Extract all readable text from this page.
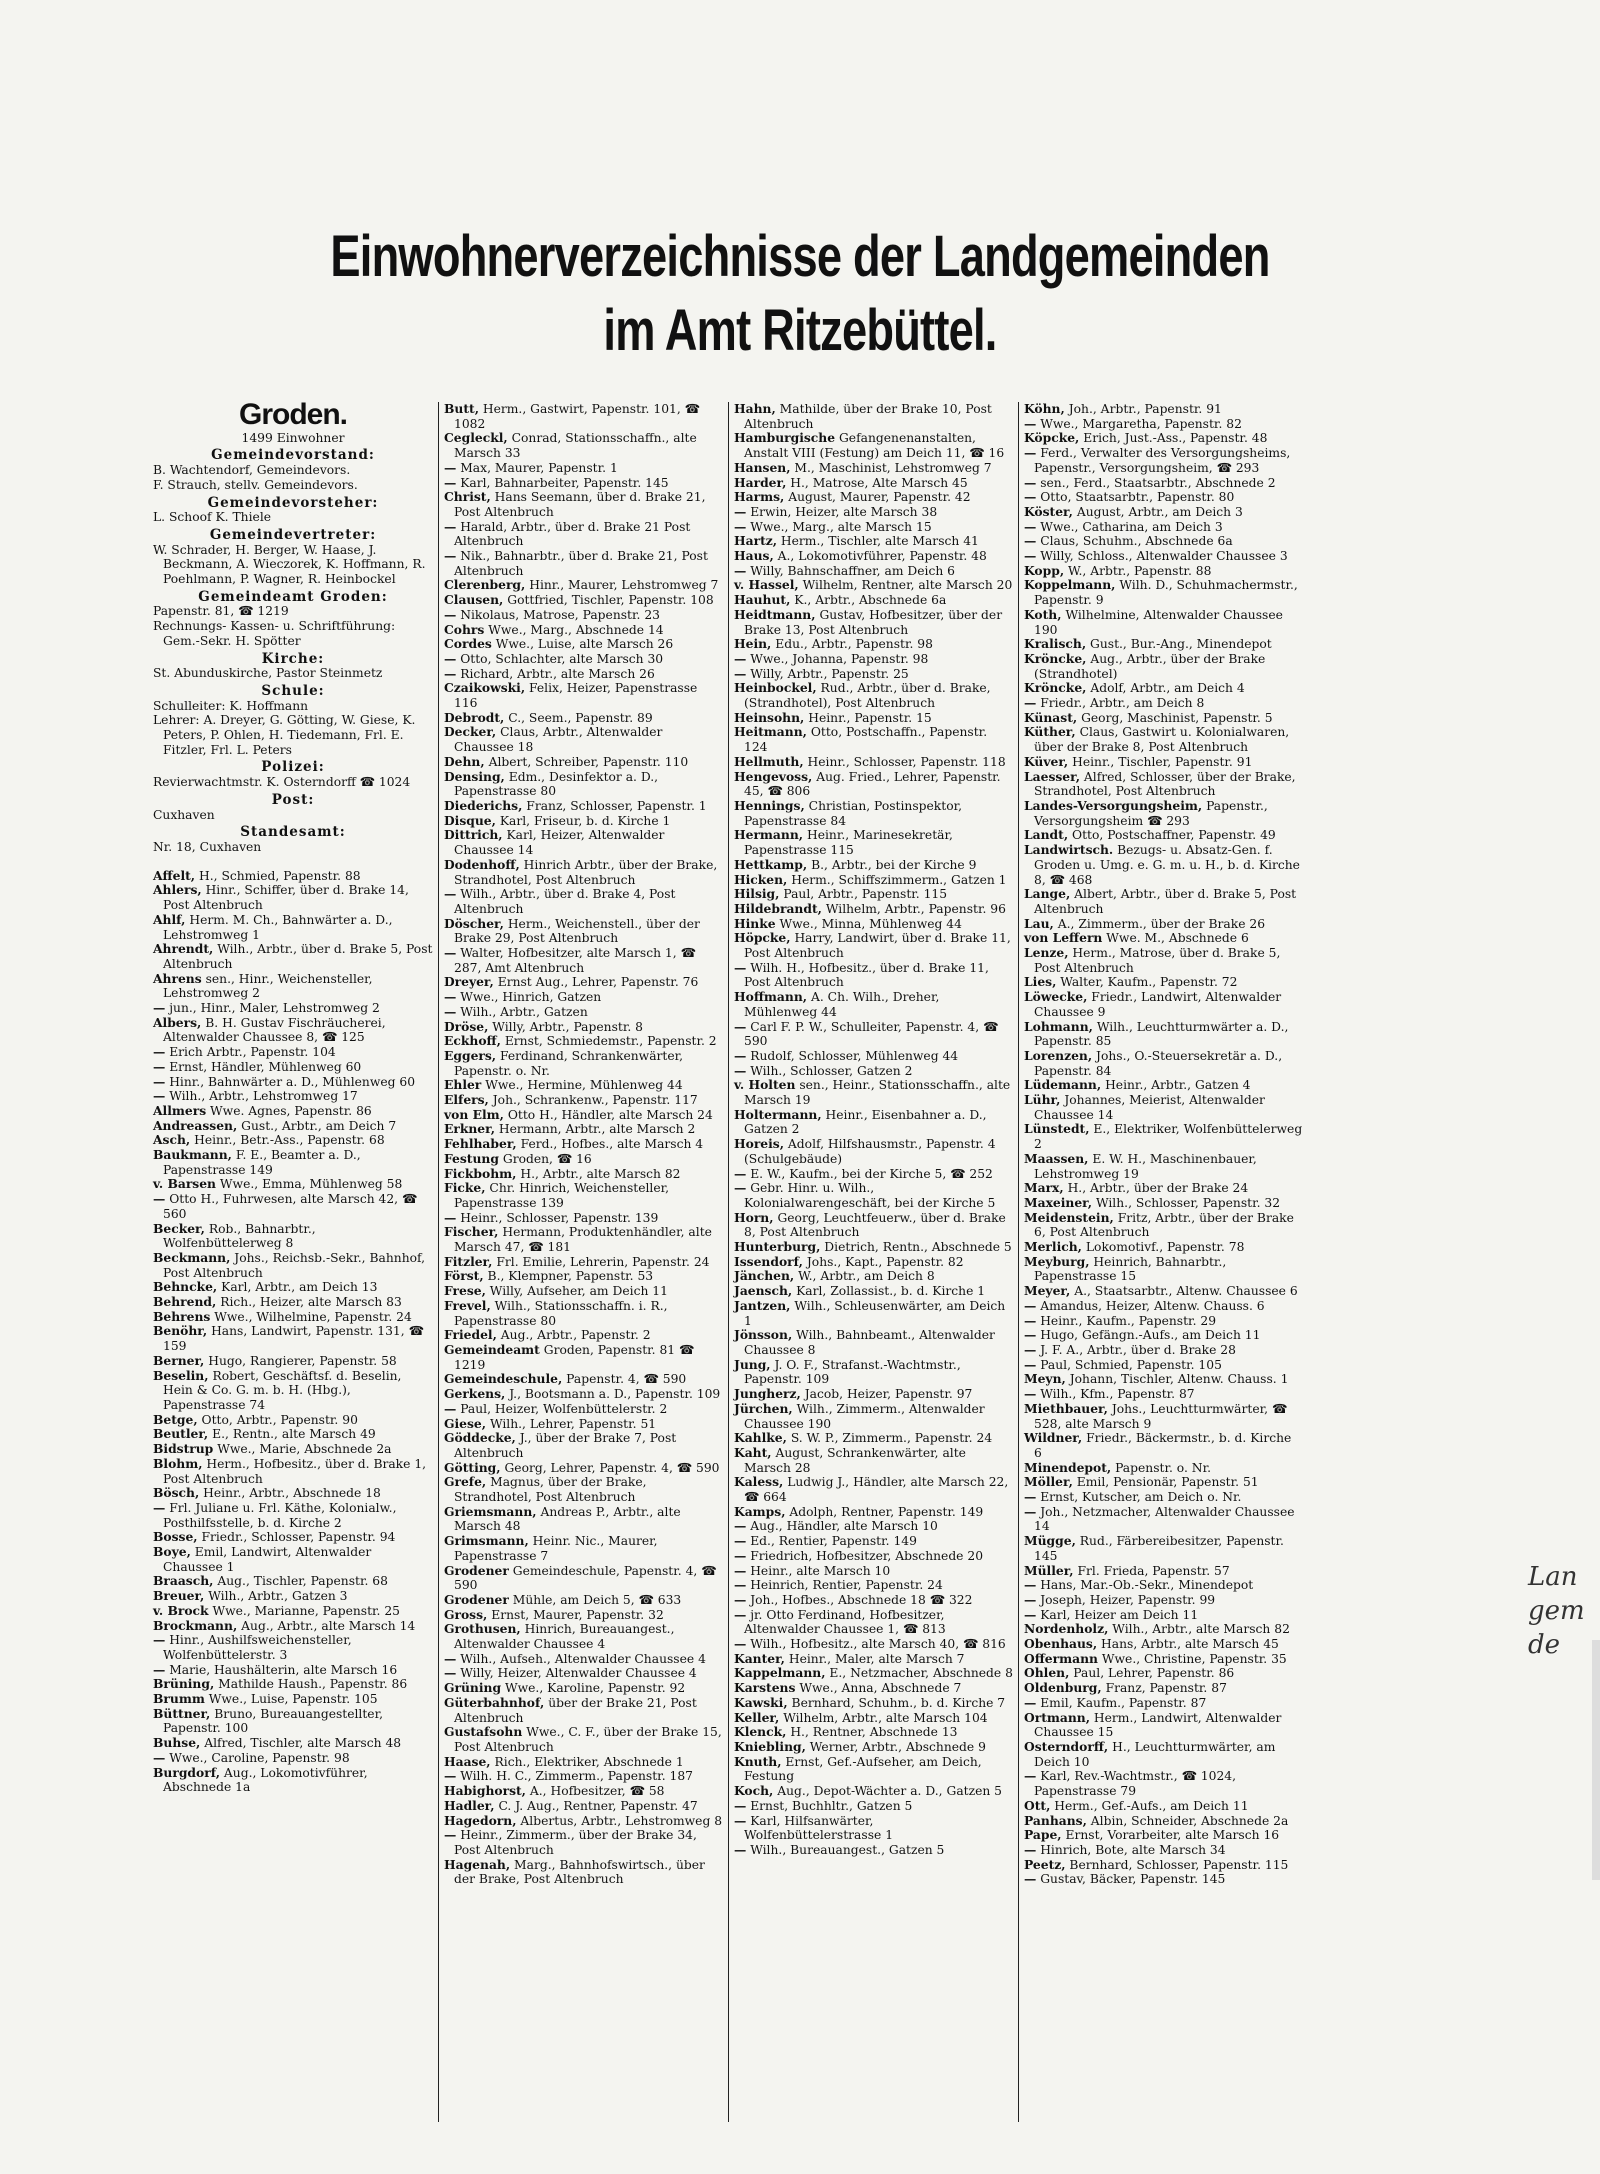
Einwohnerverzeichnisse der Landgemeinden
im Amt Ritzebüttel.
Groden.
1499 Einwohner
Gemeindevorstand:

B. Wachtendorf, Gemeindevors.

F. Strauch, stellv. Gemeindevors.

Gemeindevorsteher:

L. Schoof K. Thiele

Gemeindevertreter:

W. Schrader, H. Berger, W. Haase, J. Beckmann, A. Wieczorek, K. Hoffmann, R. Poehlmann, P. Wagner, R. Heinbockel

Gemeindeamt Groden:

Papenstr. 81, ☎ 1219

Rechnungs- Kassen- u. Schriftführung: Gem.-Sekr. H. Spötter

Kirche:

St. Abunduskirche, Pastor Steinmetz

Schule:

Schulleiter: K. Hoffmann

Lehrer: A. Dreyer, G. Götting, W. Giese, K. Peters, P. Ohlen, H. Tiedemann, Frl. E. Fitzler, Frl. L. Peters

Polizei:

Revierwachtmstr. K. Osterndorff ☎ 1024

Post:

Cuxhaven

Standesamt:

Nr. 18, Cuxhaven

Affelt, H., Schmied, Papenstr. 88

Ahlers, Hinr., Schiffer, über d. Brake 14, Post Altenbruch

Ahlf, Herm. M. Ch., Bahnwärter a. D., Lehstromweg 1

Ahrendt, Wilh., Arbtr., über d. Brake 5, Post Altenbruch

Ahrens sen., Hinr., Weichensteller, Lehstromweg 2

— jun., Hinr., Maler, Lehstromweg 2

Albers, B. H. Gustav Fischräucherei, Altenwalder Chaussee 8, ☎ 125

— Erich Arbtr., Papenstr. 104

— Ernst, Händler, Mühlenweg 60

— Hinr., Bahnwärter a. D., Mühlenweg 60

— Wilh., Arbtr., Lehstromweg 17

Allmers Wwe. Agnes, Papenstr. 86

Andreassen, Gust., Arbtr., am Deich 7

Asch, Heinr., Betr.-Ass., Papenstr. 68

Baukmann, F. E., Beamter a. D., Papenstrasse 149

v. Barsen Wwe., Emma, Mühlenweg 58

— Otto H., Fuhrwesen, alte Marsch 42, ☎ 560

Becker, Rob., Bahnarbtr., Wolfenbüttelerweg 8

Beckmann, Johs., Reichsb.-Sekr., Bahnhof, Post Altenbruch

Behncke, Karl, Arbtr., am Deich 13

Behrend, Rich., Heizer, alte Marsch 83

Behrens Wwe., Wilhelmine, Papenstr. 24

Benöhr, Hans, Landwirt, Papenstr. 131, ☎ 159

Berner, Hugo, Rangierer, Papenstr. 58

Beselin, Robert, Geschäftsf. d. Beselin, Hein & Co. G. m. b. H. (Hbg.), Papenstrasse 74

Betge, Otto, Arbtr., Papenstr. 90

Beutler, E., Rentn., alte Marsch 49

Bidstrup Wwe., Marie, Abschnede 2a

Blohm, Herm., Hofbesitz., über d. Brake 1, Post Altenbruch

Bösch, Heinr., Arbtr., Abschnede 18

— Frl. Juliane u. Frl. Käthe, Kolonialw., Posthilfsstelle, b. d. Kirche 2

Bosse, Friedr., Schlosser, Papenstr. 94

Boye, Emil, Landwirt, Altenwalder Chaussee 1

Braasch, Aug., Tischler, Papenstr. 68

Breuer, Wilh., Arbtr., Gatzen 3

v. Brock Wwe., Marianne, Papenstr. 25

Brockmann, Aug., Arbtr., alte Marsch 14

— Hinr., Aushilfsweichensteller, Wolfenbüttelerstr. 3

— Marie, Haushälterin, alte Marsch 16

Brüning, Mathilde Haush., Papenstr. 86

Brumm Wwe., Luise, Papenstr. 105

Büttner, Bruno, Bureauangestellter, Papenstr. 100

Buhse, Alfred, Tischler, alte Marsch 48

— Wwe., Caroline, Papenstr. 98

Burgdorf, Aug., Lokomotivführer, Abschnede 1a

Butt, Herm., Gastwirt, Papenstr. 101, ☎ 1082

Cegleckl, Conrad, Stationsschaffn., alte Marsch 33

— Max, Maurer, Papenstr. 1

— Karl, Bahnarbeiter, Papenstr. 145

Christ, Hans Seemann, über d. Brake 21, Post Altenbruch

— Harald, Arbtr., über d. Brake 21 Post Altenbruch

— Nik., Bahnarbtr., über d. Brake 21, Post Altenbruch

Clerenberg, Hinr., Maurer, Lehstromweg 7

Clausen, Gottfried, Tischler, Papenstr. 108

— Nikolaus, Matrose, Papenstr. 23

Cohrs Wwe., Marg., Abschnede 14

Cordes Wwe., Luise, alte Marsch 26

— Otto, Schlachter, alte Marsch 30

— Richard, Arbtr., alte Marsch 26

Czaikowski, Felix, Heizer, Papenstrasse 116

Debrodt, C., Seem., Papenstr. 89

Decker, Claus, Arbtr., Altenwalder Chaussee 18

Dehn, Albert, Schreiber, Papenstr. 110

Densing, Edm., Desinfektor a. D., Papenstrasse 80

Diederichs, Franz, Schlosser, Papenstr. 1

Disque, Karl, Friseur, b. d. Kirche 1

Dittrich, Karl, Heizer, Altenwalder Chaussee 14

Dodenhoff, Hinrich Arbtr., über der Brake, Strandhotel, Post Altenbruch

— Wilh., Arbtr., über d. Brake 4, Post Altenbruch

Döscher, Herm., Weichenstell., über der Brake 29, Post Altenbruch

— Walter, Hofbesitzer, alte Marsch 1, ☎ 287, Amt Altenbruch

Dreyer, Ernst Aug., Lehrer, Papenstr. 76

— Wwe., Hinrich, Gatzen

— Wilh., Arbtr., Gatzen

Dröse, Willy, Arbtr., Papenstr. 8

Eckhoff, Ernst, Schmiedemstr., Papenstr. 2

Eggers, Ferdinand, Schrankenwärter, Papenstr. o. Nr.

Ehler Wwe., Hermine, Mühlenweg 44

Elfers, Joh., Schrankenw., Papenstr. 117

von Elm, Otto H., Händler, alte Marsch 24

Erkner, Hermann, Arbtr., alte Marsch 2

Fehlhaber, Ferd., Hofbes., alte Marsch 4

Festung Groden, ☎ 16

Fickbohm, H., Arbtr., alte Marsch 82

Ficke, Chr. Hinrich, Weichensteller, Papenstrasse 139

— Heinr., Schlosser, Papenstr. 139

Fischer, Hermann, Produktenhändler, alte Marsch 47, ☎ 181

Fitzler, Frl. Emilie, Lehrerin, Papenstr. 24

Först, B., Klempner, Papenstr. 53

Frese, Willy, Aufseher, am Deich 11

Frevel, Wilh., Stationsschaffn. i. R., Papenstrasse 80

Friedel, Aug., Arbtr., Papenstr. 2

Gemeindeamt Groden, Papenstr. 81 ☎ 1219

Gemeindeschule, Papenstr. 4, ☎ 590

Gerkens, J., Bootsmann a. D., Papenstr. 109

— Paul, Heizer, Wolfenbüttelerstr. 2

Giese, Wilh., Lehrer, Papenstr. 51

Göddecke, J., über der Brake 7, Post Altenbruch

Götting, Georg, Lehrer, Papenstr. 4, ☎ 590

Grefe, Magnus, über der Brake, Strandhotel, Post Altenbruch

Griemsmann, Andreas P., Arbtr., alte Marsch 48

Grimsmann, Heinr. Nic., Maurer, Papenstrasse 7

Grodener Gemeindeschule, Papenstr. 4, ☎ 590

Grodener Mühle, am Deich 5, ☎ 633

Gross, Ernst, Maurer, Papenstr. 32

Grothusen, Hinrich, Bureauangest., Altenwalder Chaussee 4

— Wilh., Aufseh., Altenwalder Chaussee 4

— Willy, Heizer, Altenwalder Chaussee 4

Grüning Wwe., Karoline, Papenstr. 92

Güterbahnhof, über der Brake 21, Post Altenbruch

Gustafsohn Wwe., C. F., über der Brake 15, Post Altenbruch

Haase, Rich., Elektriker, Abschnede 1

— Wilh. H. C., Zimmerm., Papenstr. 187

Habighorst, A., Hofbesitzer, ☎ 58

Hadler, C. J. Aug., Rentner, Papenstr. 47

Hagedorn, Albertus, Arbtr., Lehstromweg 8

— Heinr., Zimmerm., über der Brake 34, Post Altenbruch

Hagenah, Marg., Bahnhofswirtsch., über der Brake, Post Altenbruch

Hahn, Mathilde, über der Brake 10, Post Altenbruch

Hamburgische Gefangenenanstalten, Anstalt VIII (Festung) am Deich 11, ☎ 16

Hansen, M., Maschinist, Lehstromweg 7

Harder, H., Matrose, Alte Marsch 45

Harms, August, Maurer, Papenstr. 42

— Erwin, Heizer, alte Marsch 38

— Wwe., Marg., alte Marsch 15

Hartz, Herm., Tischler, alte Marsch 41

Haus, A., Lokomotivführer, Papenstr. 48

— Willy, Bahnschaffner, am Deich 6

v. Hassel, Wilhelm, Rentner, alte Marsch 20

Hauhut, K., Arbtr., Abschnede 6a

Heidtmann, Gustav, Hofbesitzer, über der Brake 13, Post Altenbruch

Hein, Edu., Arbtr., Papenstr. 98

— Wwe., Johanna, Papenstr. 98

— Willy, Arbtr., Papenstr. 25

Heinbockel, Rud., Arbtr., über d. Brake, (Strandhotel), Post Altenbruch

Heinsohn, Heinr., Papenstr. 15

Heitmann, Otto, Postschaffn., Papenstr. 124

Hellmuth, Heinr., Schlosser, Papenstr. 118

Hengevoss, Aug. Fried., Lehrer, Papenstr. 45, ☎ 806

Hennings, Christian, Postinspektor, Papenstrasse 84

Hermann, Heinr., Marinesekretär, Papenstrasse 115

Hettkamp, B., Arbtr., bei der Kirche 9

Hicken, Herm., Schiffszimmerm., Gatzen 1

Hilsig, Paul, Arbtr., Papenstr. 115

Hildebrandt, Wilhelm, Arbtr., Papenstr. 96

Hinke Wwe., Minna, Mühlenweg 44

Höpcke, Harry, Landwirt, über d. Brake 11, Post Altenbruch

— Wilh. H., Hofbesitz., über d. Brake 11, Post Altenbruch

Hoffmann, A. Ch. Wilh., Dreher, Mühlenweg 44

— Carl F. P. W., Schulleiter, Papenstr. 4, ☎ 590

— Rudolf, Schlosser, Mühlenweg 44

— Wilh., Schlosser, Gatzen 2

v. Holten sen., Heinr., Stationsschaffn., alte Marsch 19

Holtermann, Heinr., Eisenbahner a. D., Gatzen 2

Horeis, Adolf, Hilfshausmstr., Papenstr. 4 (Schulgebäude)

— E. W., Kaufm., bei der Kirche 5, ☎ 252

— Gebr. Hinr. u. Wilh., Kolonialwarengeschäft, bei der Kirche 5

Horn, Georg, Leuchtfeuerw., über d. Brake 8, Post Altenbruch

Hunterburg, Dietrich, Rentn., Abschnede 5

Issendorf, Johs., Kapt., Papenstr. 82

Jänchen, W., Arbtr., am Deich 8

Jaensch, Karl, Zollassist., b. d. Kirche 1

Jantzen, Wilh., Schleusenwärter, am Deich 1

Jönsson, Wilh., Bahnbeamt., Altenwalder Chaussee 8

Jung, J. O. F., Strafanst.-Wachtmstr., Papenstr. 109

Jungherz, Jacob, Heizer, Papenstr. 97

Jürchen, Wilh., Zimmerm., Altenwalder Chaussee 190

Kahlke, S. W. P., Zimmerm., Papenstr. 24

Kaht, August, Schrankenwärter, alte Marsch 28

Kaless, Ludwig J., Händler, alte Marsch 22, ☎ 664

Kamps, Adolph, Rentner, Papenstr. 149

— Aug., Händler, alte Marsch 10

— Ed., Rentier, Papenstr. 149

— Friedrich, Hofbesitzer, Abschnede 20

— Heinr., alte Marsch 10

— Heinrich, Rentier, Papenstr. 24

— Joh., Hofbes., Abschnede 18 ☎ 322

— jr. Otto Ferdinand, Hofbesitzer, Altenwalder Chaussee 1, ☎ 813

— Wilh., Hofbesitz., alte Marsch 40, ☎ 816

Kanter, Heinr., Maler, alte Marsch 7

Kappelmann, E., Netzmacher, Abschnede 8

Karstens Wwe., Anna, Abschnede 7

Kawski, Bernhard, Schuhm., b. d. Kirche 7

Keller, Wilhelm, Arbtr., alte Marsch 104

Klenck, H., Rentner, Abschnede 13

Kniebling, Werner, Arbtr., Abschnede 9

Knuth, Ernst, Gef.-Aufseher, am Deich, Festung

Koch, Aug., Depot-Wächter a. D., Gatzen 5

— Ernst, Buchhltr., Gatzen 5

— Karl, Hilfsanwärter, Wolfenbüttelerstrasse 1

— Wilh., Bureauangest., Gatzen 5

Köhn, Joh., Arbtr., Papenstr. 91

— Wwe., Margaretha, Papenstr. 82

Köpcke, Erich, Just.-Ass., Papenstr. 48

— Ferd., Verwalter des Versorgungsheims, Papenstr., Versorgungsheim, ☎ 293

— sen., Ferd., Staatsarbtr., Abschnede 2

— Otto, Staatsarbtr., Papenstr. 80

Köster, August, Arbtr., am Deich 3

— Wwe., Catharina, am Deich 3

— Claus, Schuhm., Abschnede 6a

— Willy, Schloss., Altenwalder Chaussee 3

Kopp, W., Arbtr., Papenstr. 88

Koppelmann, Wilh. D., Schuhmachermstr., Papenstr. 9

Koth, Wilhelmine, Altenwalder Chaussee 190

Kralisch, Gust., Bur.-Ang., Minendepot

Kröncke, Aug., Arbtr., über der Brake (Strandhotel)

Kröncke, Adolf, Arbtr., am Deich 4

— Friedr., Arbtr., am Deich 8

Künast, Georg, Maschinist, Papenstr. 5

Küther, Claus, Gastwirt u. Kolonialwaren, über der Brake 8, Post Altenbruch

Küver, Heinr., Tischler, Papenstr. 91

Laesser, Alfred, Schlosser, über der Brake, Strandhotel, Post Altenbruch

Landes-Versorgungsheim, Papenstr., Versorgungsheim ☎ 293

Landt, Otto, Postschaffner, Papenstr. 49

Landwirtsch. Bezugs- u. Absatz-Gen. f. Groden u. Umg. e. G. m. u. H., b. d. Kirche 8, ☎ 468

Lange, Albert, Arbtr., über d. Brake 5, Post Altenbruch

Lau, A., Zimmerm., über der Brake 26

von Leffern Wwe. M., Abschnede 6

Lenze, Herm., Matrose, über d. Brake 5, Post Altenbruch

Lies, Walter, Kaufm., Papenstr. 72

Löwecke, Friedr., Landwirt, Altenwalder Chaussee 9

Lohmann, Wilh., Leuchtturmwärter a. D., Papenstr. 85

Lorenzen, Johs., O.-Steuersekretär a. D., Papenstr. 84

Lüdemann, Heinr., Arbtr., Gatzen 4

Lühr, Johannes, Meierist, Altenwalder Chaussee 14

Lünstedt, E., Elektriker, Wolfenbüttelerweg 2

Maassen, E. W. H., Maschinenbauer, Lehstromweg 19

Marx, H., Arbtr., über der Brake 24

Maxeiner, Wilh., Schlosser, Papenstr. 32

Meidenstein, Fritz, Arbtr., über der Brake 6, Post Altenbruch

Merlich, Lokomotivf., Papenstr. 78

Meyburg, Heinrich, Bahnarbtr., Papenstrasse 15

Meyer, A., Staatsarbtr., Altenw. Chaussee 6

— Amandus, Heizer, Altenw. Chauss. 6

— Heinr., Kaufm., Papenstr. 29

— Hugo, Gefängn.-Aufs., am Deich 11

— J. F. A., Arbtr., über d. Brake 28

— Paul, Schmied, Papenstr. 105

Meyn, Johann, Tischler, Altenw. Chauss. 1

— Wilh., Kfm., Papenstr. 87

Miethbauer, Johs., Leuchtturmwärter, ☎ 528, alte Marsch 9

Wildner, Friedr., Bäckermstr., b. d. Kirche 6

Minendepot, Papenstr. o. Nr.

Möller, Emil, Pensionär, Papenstr. 51

— Ernst, Kutscher, am Deich o. Nr.

— Joh., Netzmacher, Altenwalder Chaussee 14

Mügge, Rud., Färbereibesitzer, Papenstr. 145

Müller, Frl. Frieda, Papenstr. 57

— Hans, Mar.-Ob.-Sekr., Minendepot

— Joseph, Heizer, Papenstr. 99

— Karl, Heizer am Deich 11

Nordenholz, Wilh., Arbtr., alte Marsch 82

Obenhaus, Hans, Arbtr., alte Marsch 45

Offermann Wwe., Christine, Papenstr. 35

Ohlen, Paul, Lehrer, Papenstr. 86

Oldenburg, Franz, Papenstr. 87

— Emil, Kaufm., Papenstr. 87

Ortmann, Herm., Landwirt, Altenwalder Chaussee 15

Osterndorff, H., Leuchtturmwärter, am Deich 10

— Karl, Rev.-Wachtmstr., ☎ 1024, Papenstrasse 79

Ott, Herm., Gef.-Aufs., am Deich 11

Panhans, Albin, Schneider, Abschnede 2a

Pape, Ernst, Vorarbeiter, alte Marsch 16

— Hinrich, Bote, alte Marsch 34

Peetz, Bernhard, Schlosser, Papenstr. 115

— Gustav, Bäcker, Papenstr. 145

Lan
gem
de
